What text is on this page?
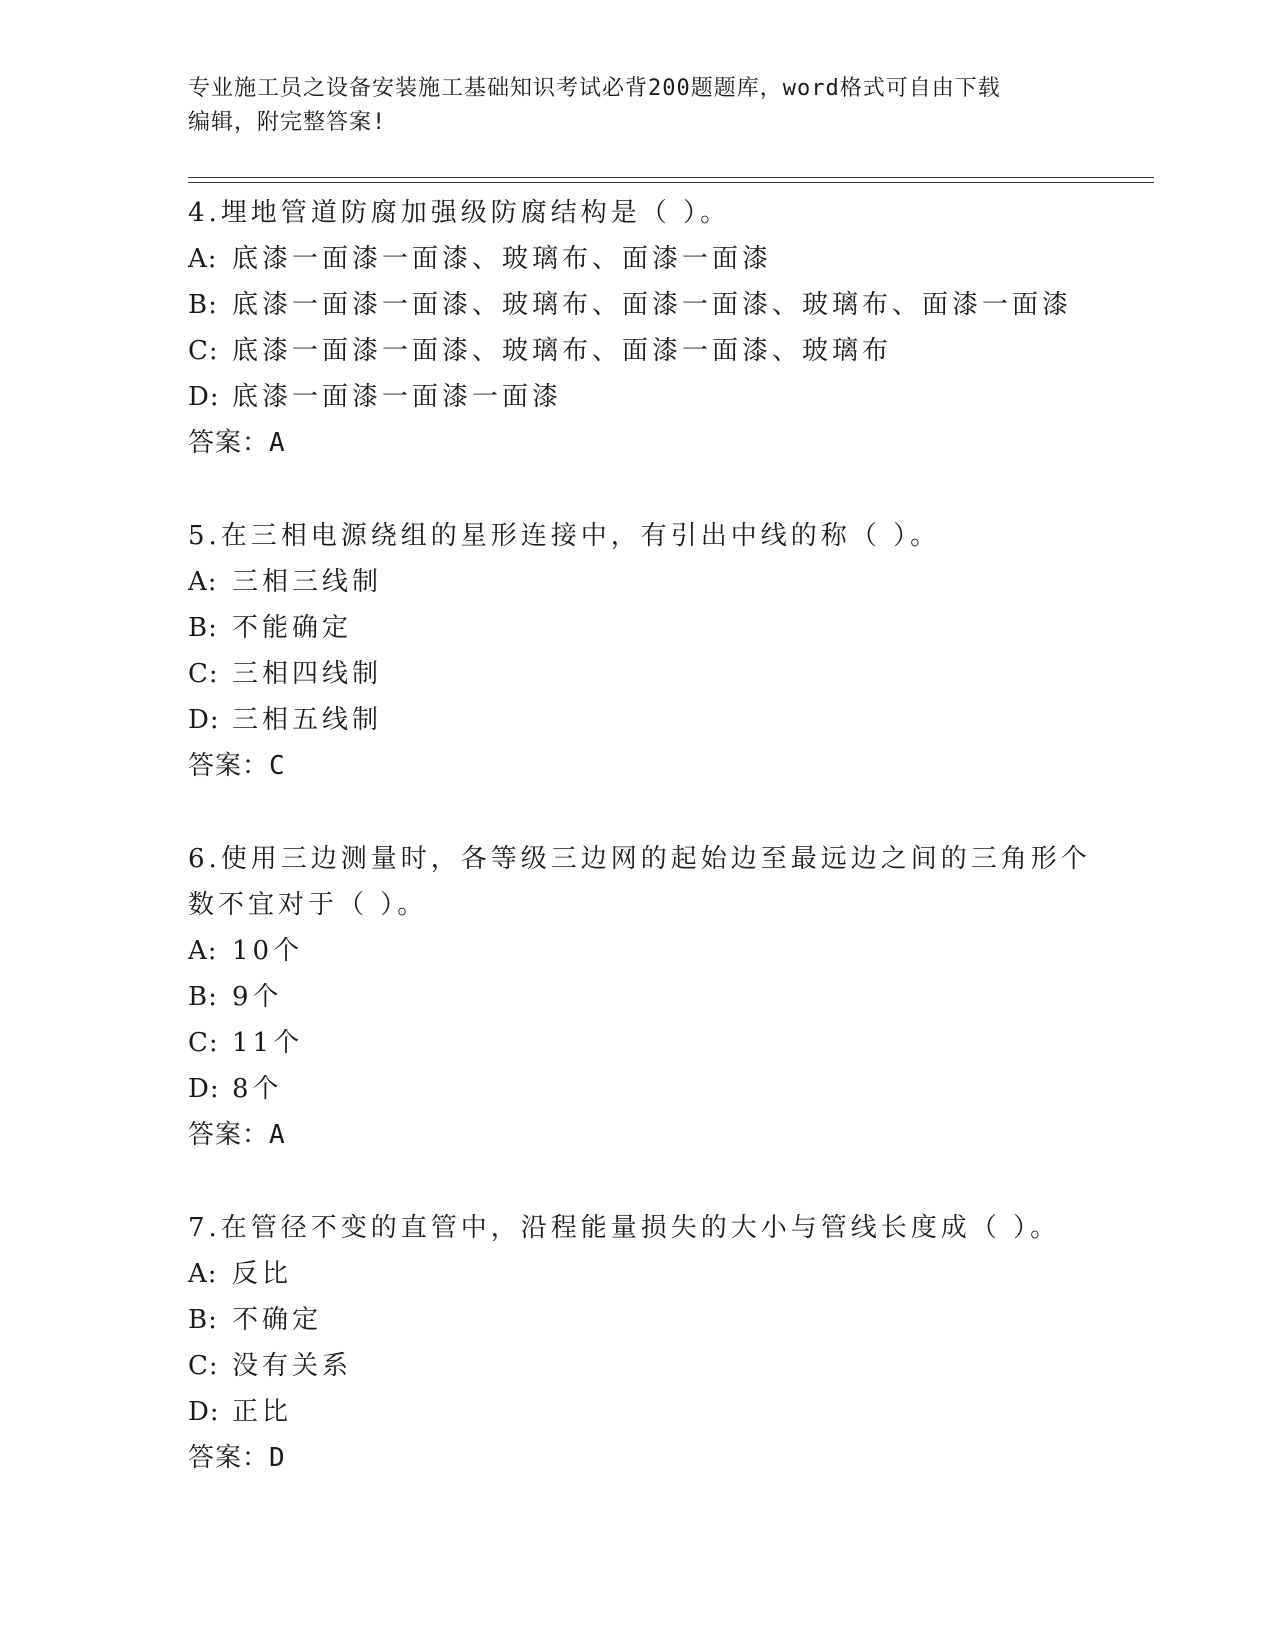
专业施工员之设备安装施工基础知识考试必背200题题库，word格式可自由下载
编辑，附完整答案!
4.埋地管道防腐加强级防腐结构是（ ）。
A: 底漆一面漆一面漆、玻璃布、面漆一面漆
B: 底漆一面漆一面漆、玻璃布、面漆一面漆、玻璃布、面漆一面漆
C: 底漆一面漆一面漆、玻璃布、面漆一面漆、玻璃布
D: 底漆一面漆一面漆一面漆
答案：A
5.在三相电源绕组的星形连接中，有引出中线的称（ ）。
A: 三相三线制
B: 不能确定
C: 三相四线制
D: 三相五线制
答案：C
6.使用三边测量时，各等级三边网的起始边至最远边之间的三角形个
数不宜对于（ ）。
A: 10个
B: 9个
C: 11个
D: 8个
答案：A
7.在管径不变的直管中，沿程能量损失的大小与管线长度成（ ）。
A: 反比
B: 不确定
C: 没有关系
D: 正比
答案：D
